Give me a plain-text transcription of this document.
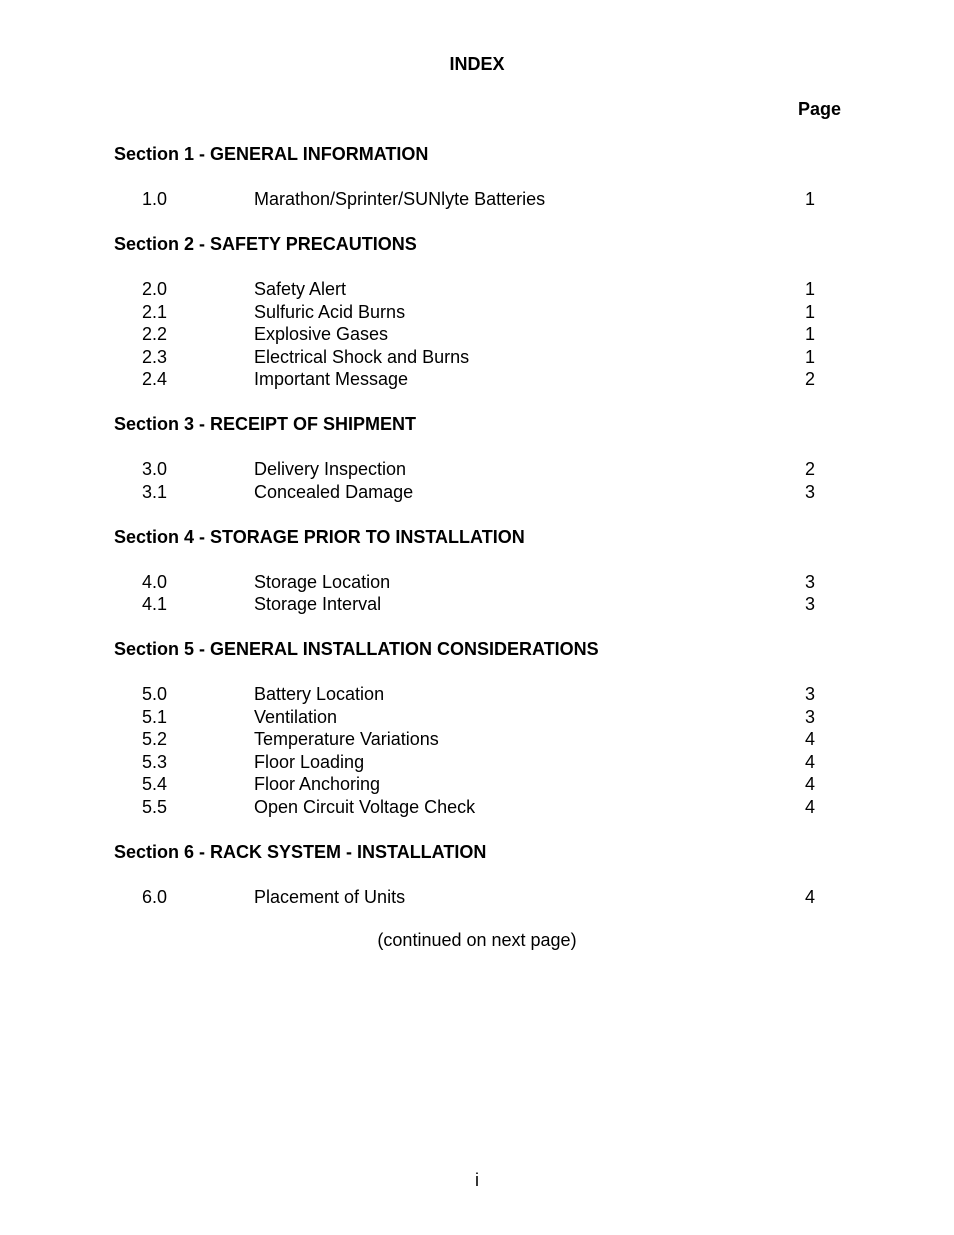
INDEX
Page
Section 1 - GENERAL INFORMATION
1.0	Marathon/Sprinter/SUNlyte Batteries	1
Section 2 - SAFETY PRECAUTIONS
2.0	Safety Alert	1
2.1	Sulfuric Acid Burns	1
2.2	Explosive Gases	1
2.3	Electrical Shock and Burns	1
2.4	Important Message	2
Section 3 - RECEIPT OF SHIPMENT
3.0	Delivery Inspection	2
3.1	Concealed Damage	3
Section 4 - STORAGE PRIOR TO INSTALLATION
4.0	Storage Location	3
4.1	Storage Interval	3
Section 5 - GENERAL INSTALLATION CONSIDERATIONS
5.0	Battery Location	3
5.1	Ventilation	3
5.2	Temperature Variations	4
5.3	Floor Loading	4
5.4	Floor Anchoring	4
5.5	Open Circuit Voltage Check	4
Section 6 - RACK SYSTEM - INSTALLATION
6.0	Placement of Units	4
(continued on next page)
i
